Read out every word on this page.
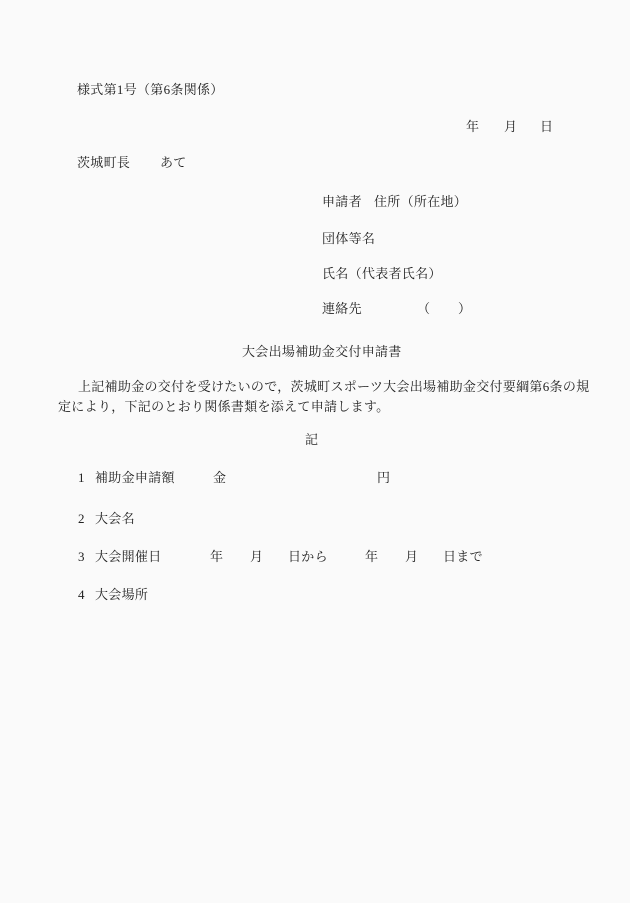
様式第1号（第6条関係）
年 月 日
茨城町長 あて
申請者 住所（所在地）
団体等名
氏名（代表者氏名）
連絡先	（ ）
大会出場補助金交付申請書
上記補助金の交付を受けたいので，茨城町スポーツ大会出場補助金交付要綱第6条の規
定により，下記のとおり関係書類を添えて申請します。
記
1 補助金申請額	金	円
2 大会名
3 大会開催日	年 月 日から	年 月 日まで
4 大会場所
